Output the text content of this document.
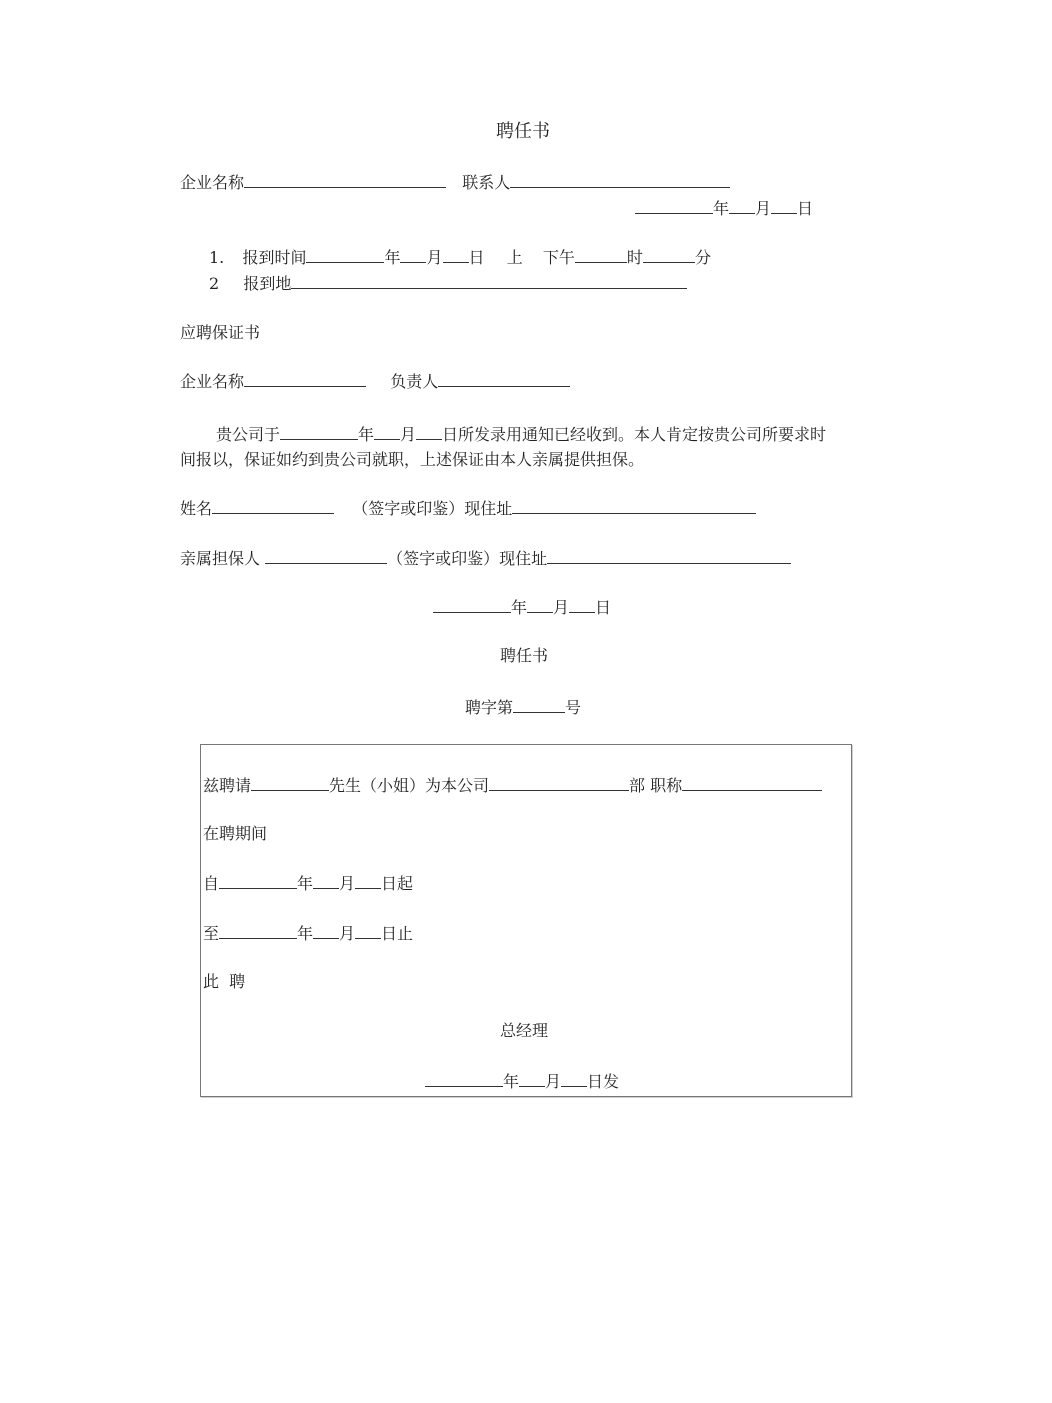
聘任书
企业名称	联系人
年 月 日
1. 报到时间	年 月 日 上 下午	时	分
2 报到地
应聘保证书
企业名称	负责人
贵公司于	年 月 日所发录用通知已经收到。本人肯定按贵公司所要求时
间报以，保证如约到贵公司就职，上述保证由本人亲属提供担保。
姓名	（签字或印鉴）现住址
亲属担保人	（签字或印鉴）现住址
年 月 日
聘任书
聘字第	号
兹聘请	先生（小姐）为本公司	部 职称
在聘期间
自	年 月 日起
至	年 月 日止
此  聘
总经理
年 月 日发
